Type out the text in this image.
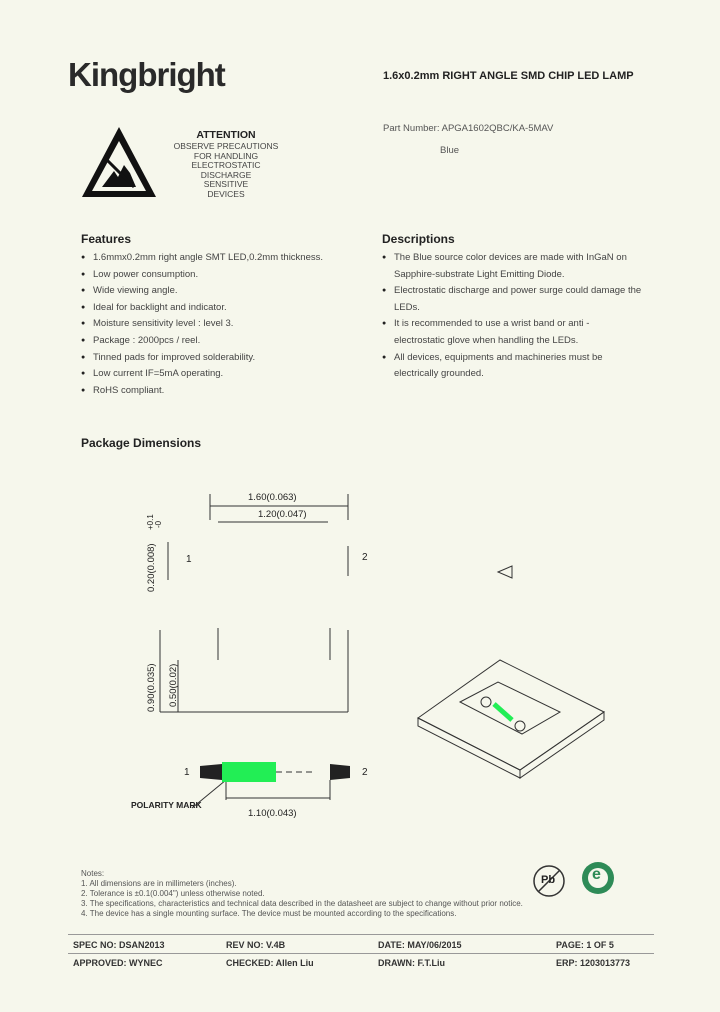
Kingbright	1.6x0.2mm RIGHT ANGLE SMD CHIP LED LAMP
Part Number: APGA1602QBC/KA-5MAV
Blue
ATTENTION
OBSERVE PRECAUTIONS
FOR HANDLING
ELECTROSTATIC
DISCHARGE
SENSITIVE
DEVICES
Features
● 1.6mmx0.2mm right angle SMT LED,0.2mm thickness.
● Low power consumption.
● Wide viewing angle.
● Ideal for backlight and indicator.
● Moisture sensitivity level : level 3.
● Package : 2000pcs / reel.
● Tinned pads for improved solderability.
● Low current IF=5mA operating.
● RoHS compliant.
Descriptions
● The Blue source color devices are made with InGaN on Sapphire-substrate Light Emitting Diode.
● Electrostatic discharge and power surge could damage the LEDs.
● It is recommended to use a wrist band or anti - electrostatic glove when handling the LEDs.
● All devices, equipments and machineries must be electrically grounded.
Package Dimensions
1.60(0.063)
1.20(0.047)
0.20(0.008)
+0.1 -0
0.90(0.035) 0.50(0.02)
1	2
1	2
POLARITY MARK
1.10(0.043)
Pb e
Notes:
1. All dimensions are in millimeters (inches).
2. Tolerance is ±0.1(0.004") unless otherwise noted.
3. The specifications, characteristics and technical data described in the datasheet are subject to change without prior notice.
4. The device has a single mounting surface. The device must be mounted according to the specifications.
SPEC NO: DSAN2013	REV NO: V.4B	DATE: MAY/06/2015	PAGE: 1 OF 5
APPROVED: WYNEC	CHECKED: Allen Liu	DRAWN: F.T.Liu	ERP: 1203013773
